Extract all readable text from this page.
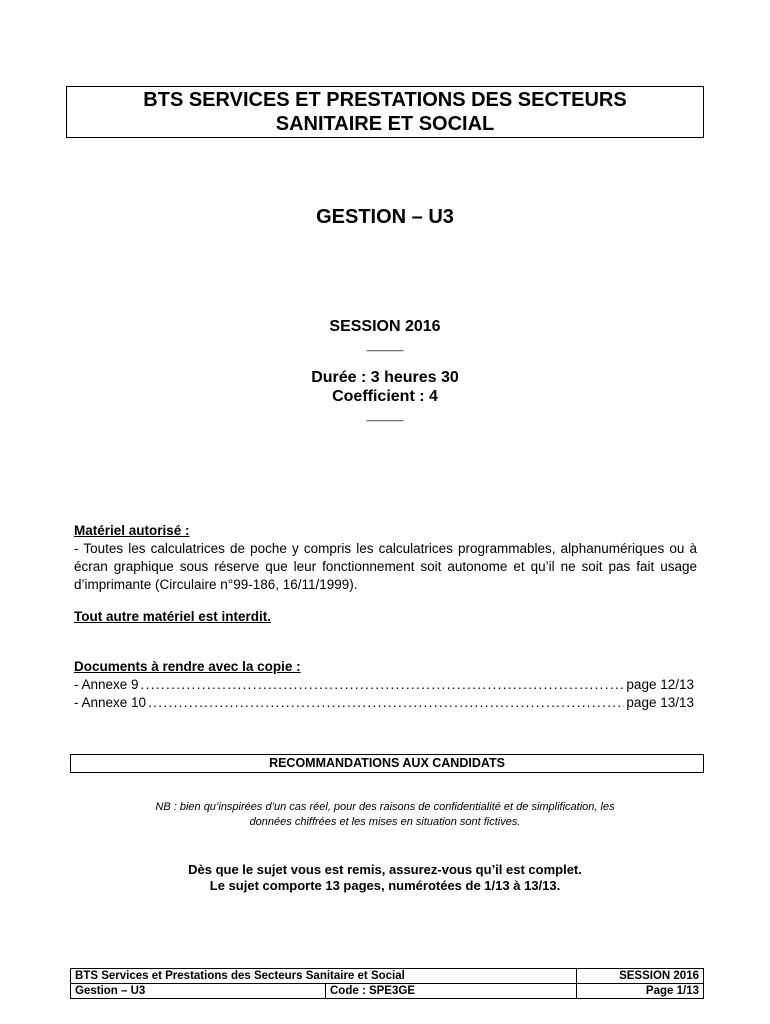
BTS SERVICES ET PRESTATIONS DES SECTEURS
SANITAIRE ET SOCIAL
GESTION – U3
SESSION 2016
______
Durée : 3 heures 30
Coefficient : 4
______
Matériel autorisé :
- Toutes les calculatrices de poche y compris les calculatrices programmables, alphanumériques ou à écran graphique sous réserve que leur fonctionnement soit autonome et qu’il ne soit pas fait usage d’imprimante (Circulaire n°99-186, 16/11/1999).
Tout autre matériel est interdit.
Documents à rendre avec la copie :
- Annexe 9 . . .	page 12/13
- Annexe 10 . . .	page 13/13
RECOMMANDATIONS AUX CANDIDATS
NB : bien qu’inspirées d’un cas réel, pour des raisons de confidentialité et de simplification, les
données chiffrées et les mises en situation sont fictives.
Dès que le sujet vous est remis, assurez-vous qu’il est complet.
Le sujet comporte 13 pages, numérotées de 1/13 à 13/13.
BTS Services et Prestations des Secteurs Sanitaire et Social		SESSION 2016
Gestion – U3	Code : SPE3GE	Page 1/13
